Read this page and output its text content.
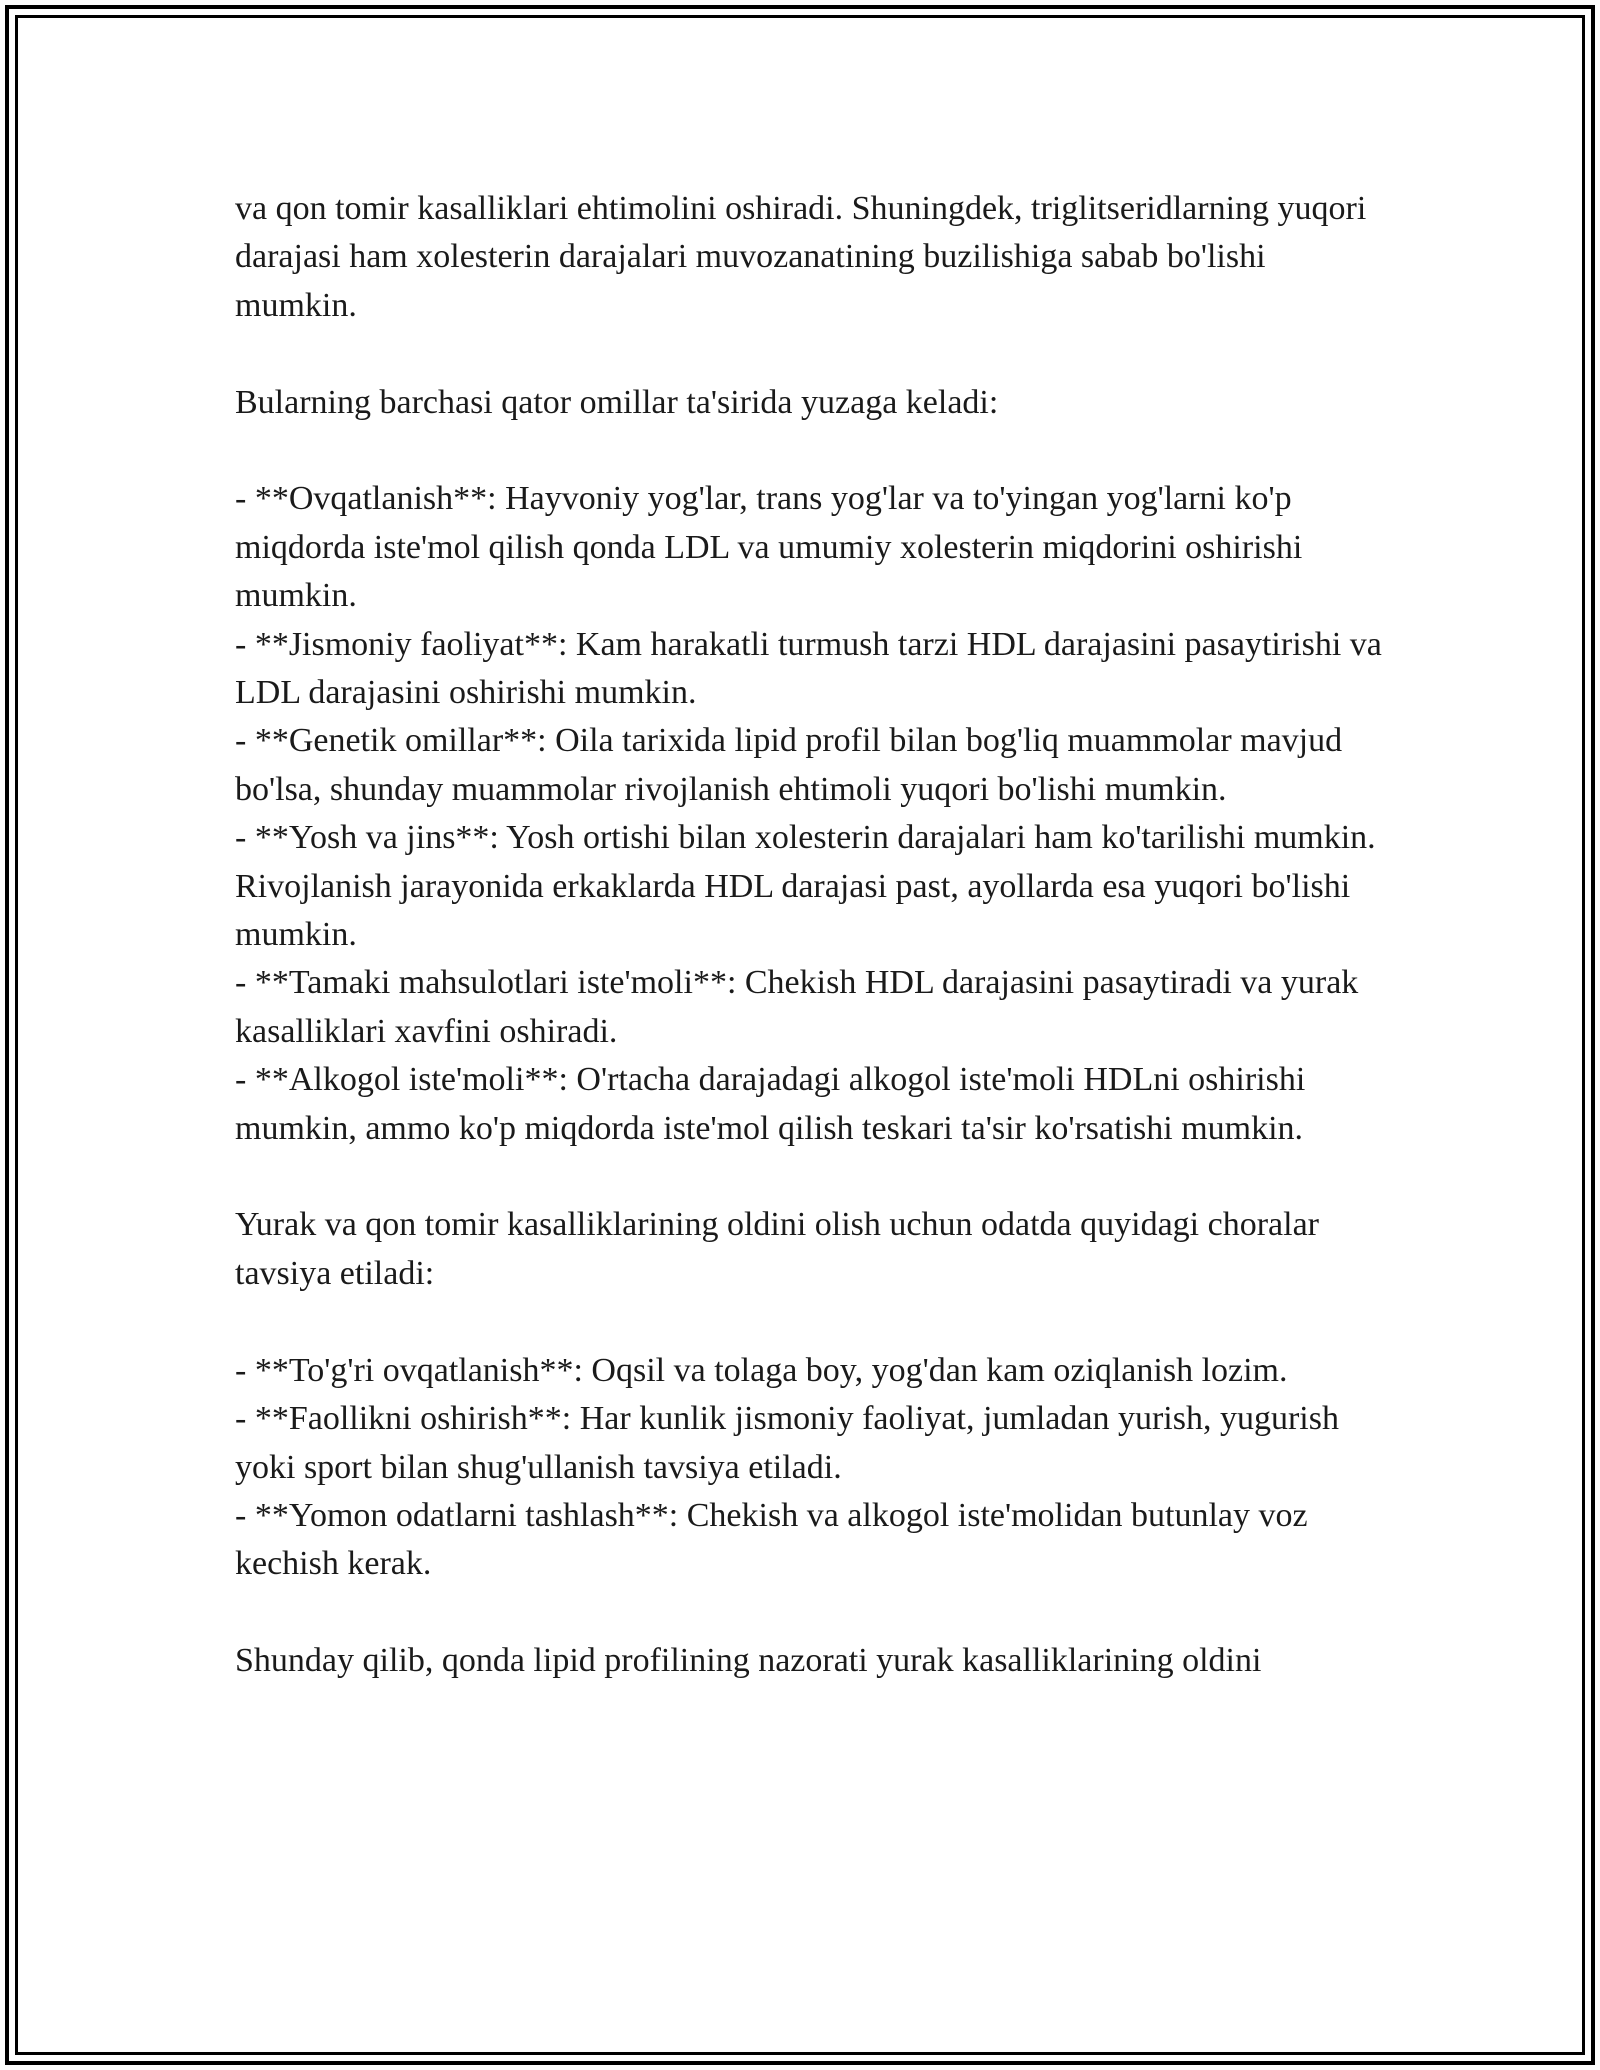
va qon tomir kasalliklari ehtimolini oshiradi. Shuningdek, triglitseridlarning yuqori darajasi ham xolesterin darajalari muvozanatining buzilishiga sabab bo'lishi mumkin.

Bularning barchasi qator omillar ta'sirida yuzaga keladi:

- **Ovqatlanish**: Hayvoniy yog'lar, trans yog'lar va to'yingan yog'larni ko'p miqdorda iste'mol qilish qonda LDL va umumiy xolesterin miqdorini oshirishi mumkin.

- **Jismoniy faoliyat**: Kam harakatli turmush tarzi HDL darajasini pasaytirishi va LDL darajasini oshirishi mumkin.

- **Genetik omillar**: Oila tarixida lipid profil bilan bog'liq muammolar mavjud bo'lsa, shunday muammolar rivojlanish ehtimoli yuqori bo'lishi mumkin.

- **Yosh va jins**: Yosh ortishi bilan xolesterin darajalari ham ko'tarilishi mumkin. Rivojlanish jarayonida erkaklarda HDL darajasi past, ayollarda esa yuqori bo'lishi mumkin.

- **Tamaki mahsulotlari iste'moli**: Chekish HDL darajasini pasaytiradi va yurak kasalliklari xavfini oshiradi.

- **Alkogol iste'moli**: O'rtacha darajadagi alkogol iste'moli HDLni oshirishi mumkin, ammo ko'p miqdorda iste'mol qilish teskari ta'sir ko'rsatishi mumkin.

Yurak va qon tomir kasalliklarining oldini olish uchun odatda quyidagi choralar tavsiya etiladi:

- **To'g'ri ovqatlanish**: Oqsil va tolaga boy, yog'dan kam oziqlanish lozim.

- **Faollikni oshirish**: Har kunlik jismoniy faoliyat, jumladan yurish, yugurish yoki sport bilan shug'ullanish tavsiya etiladi.

- **Yomon odatlarni tashlash**: Chekish va alkogol iste'molidan butunlay voz kechish kerak.

Shunday qilib, qonda lipid profilining nazorati yurak kasalliklarining oldini
